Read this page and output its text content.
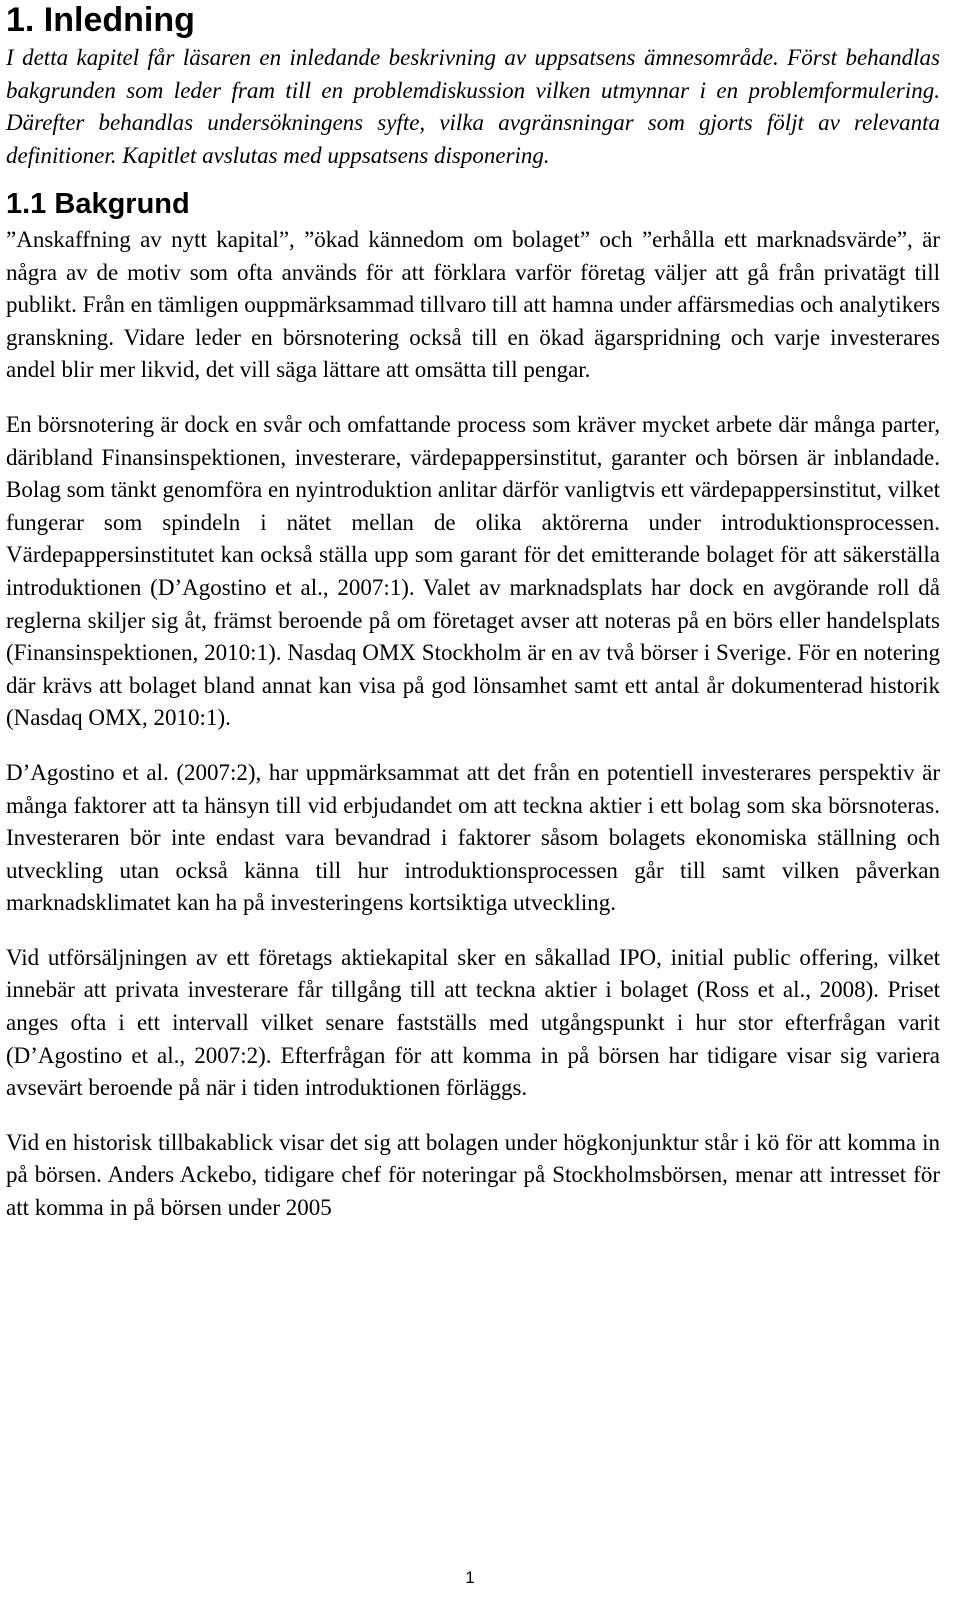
1. Inledning

I detta kapitel får läsaren en inledande beskrivning av uppsatsens ämnesområde. Först behandlas bakgrunden som leder fram till en problemdiskussion vilken utmynnar i en problemformulering. Därefter behandlas undersökningens syfte, vilka avgränsningar som gjorts följt av relevanta definitioner. Kapitlet avslutas med uppsatsens disponering.

1.1 Bakgrund

”Anskaffning av nytt kapital”, ”ökad kännedom om bolaget” och ”erhålla ett marknadsvärde”, är några av de motiv som ofta används för att förklara varför företag väljer att gå från privatägt till publikt. Från en tämligen ouppmärksammad tillvaro till att hamna under affärsmedias och analytikers granskning. Vidare leder en börsnotering också till en ökad ägarspridning och varje investerares andel blir mer likvid, det vill säga lättare att omsätta till pengar.

En börsnotering är dock en svår och omfattande process som kräver mycket arbete där många parter, däribland Finansinspektionen, investerare, värdepappersinstitut, garanter och börsen är inblandade. Bolag som tänkt genomföra en nyintroduktion anlitar därför vanligtvis ett värdepappersinstitut, vilket fungerar som spindeln i nätet mellan de olika aktörerna under introduktionsprocessen. Värdepappersinstitutet kan också ställa upp som garant för det emitterande bolaget för att säkerställa introduktionen (D’Agostino et al., 2007:1). Valet av marknadsplats har dock en avgörande roll då reglerna skiljer sig åt, främst beroende på om företaget avser att noteras på en börs eller handelsplats (Finansinspektionen, 2010:1). Nasdaq OMX Stockholm är en av två börser i Sverige. För en notering där krävs att bolaget bland annat kan visa på god lönsamhet samt ett antal år dokumenterad historik (Nasdaq OMX, 2010:1).

D’Agostino et al. (2007:2), har uppmärksammat att det från en potentiell investerares perspektiv är många faktorer att ta hänsyn till vid erbjudandet om att teckna aktier i ett bolag som ska börsnoteras. Investeraren bör inte endast vara bevandrad i faktorer såsom bolagets ekonomiska ställning och utveckling utan också känna till hur introduktionsprocessen går till samt vilken påverkan marknadsklimatet kan ha på investeringens kortsiktiga utveckling.

Vid utförsäljningen av ett företags aktiekapital sker en såkallad IPO, initial public offering, vilket innebär att privata investerare får tillgång till att teckna aktier i bolaget (Ross et al., 2008). Priset anges ofta i ett intervall vilket senare fastställs med utgångspunkt i hur stor efterfrågan varit (D’Agostino et al., 2007:2). Efterfrågan för att komma in på börsen har tidigare visar sig variera avsevärt beroende på när i tiden introduktionen förläggs.

Vid en historisk tillbakablick visar det sig att bolagen under högkonjunktur står i kö för att komma in på börsen. Anders Ackebo, tidigare chef för noteringar på Stockholmsbörsen, menar att intresset för att komma in på börsen under 2005

1
